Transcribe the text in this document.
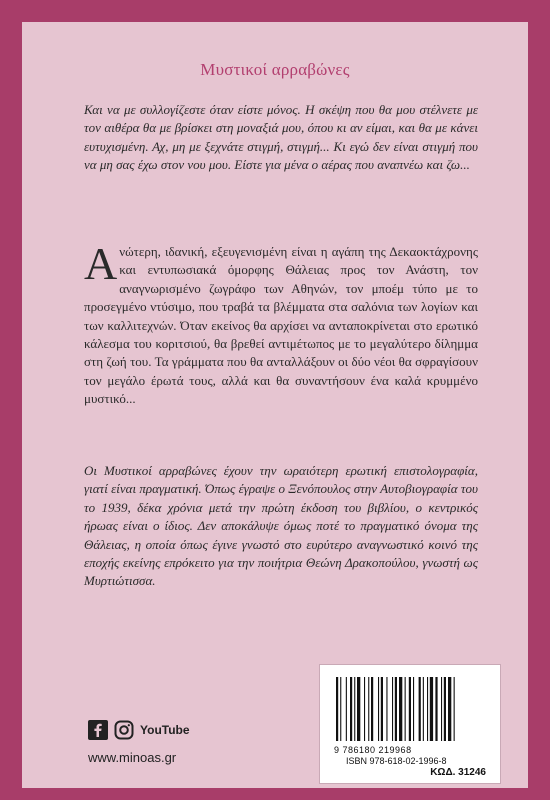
Μυστικοί αρραβώνες
Και να με συλλογίζεστε όταν είστε μόνος. Η σκέψη που θα μου στέλνετε με τον αιθέρα θα με βρίσκει στη μοναξιά μου, όπου κι αν είμαι, και θα με κάνει ευτυχισμένη. Αχ, μη με ξεχνάτε στιγμή, στιγμή... Κι εγώ δεν είναι στιγμή που να μη σας έχω στον νου μου. Είστε για μένα ο αέρας που αναπνέω και ζω...
Ανώτερη, ιδανική, εξευγενισμένη είναι η αγάπη της Δεκαοκτάχρονης και εντυπωσιακά όμορφης Θάλειας προς τον Ανάστη, τον αναγνωρισμένο ζωγράφο των Αθηνών, τον μποέμ τύπο με το προσεγμένο ντύσιμο, που τραβά τα βλέμματα στα σαλόνια των λογίων και των καλλιτεχνών. Όταν εκείνος θα αρχίσει να ανταποκρίνεται στο ερωτικό κάλεσμα του κοριτσιού, θα βρεθεί αντιμέτωπος με το μεγαλύτερο δίλημμα στη ζωή του. Τα γράμματα που θα ανταλλάξουν οι δύο νέοι θα σφραγίσουν τον μεγάλο έρωτά τους, αλλά και θα συναντήσουν ένα καλά κρυμμένο μυστικό...
Οι Μυστικοί αρραβώνες έχουν την ωραιότερη ερωτική επιστολογραφία, γιατί είναι πραγματική. Όπως έγραψε ο Ξενόπουλος στην Αυτοβιογραφία του το 1939, δέκα χρόνια μετά την πρώτη έκδοση του βιβλίου, ο κεντρικός ήρωας είναι ο ίδιος. Δεν αποκάλυψε όμως ποτέ το πραγματικό όνομα της Θάλειας, η οποία όπως έγινε γνωστό στο ευρύτερο αναγνωστικό κοινό της εποχής εκείνης επρόκειτο για την ποιήτρια Θεώνη Δρακοπούλου, γνωστή ως Μυρτιώτισσα.
YouTube
www.minoas.gr	9 786180 219968
ISBN 978-618-02-1996-8
ΚΩΔ. 31246
